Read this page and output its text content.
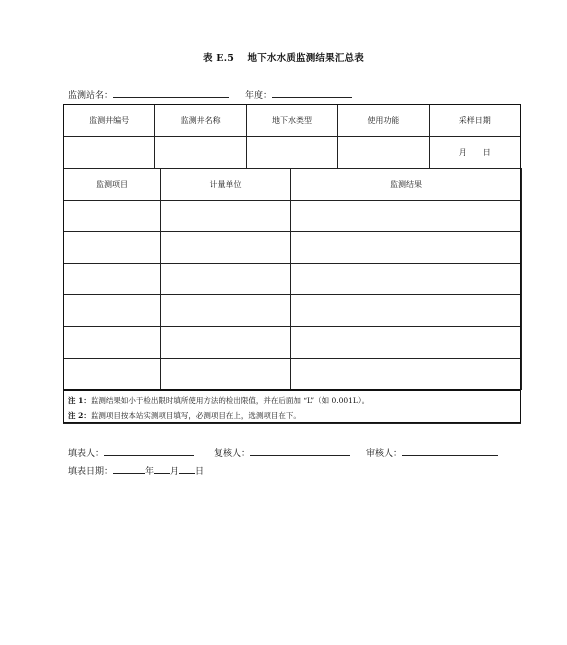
表 E.5 地下水水质监测结果汇总表
监测站名：	年度：
监测井编号	监测井名称	地下水类型	使用功能	采样日期
				月　　日
监测项目	计量单位	监测结果

注 1：监测结果如小于检出限时填所使用方法的检出限值，并在后面加 “L”（如 0.001L）。
注 2：监测项目按本站实测项目填写，必测项目在上，选测项目在下。
填表人：	复核人：	审核人：
填表日期：	年 月 日
